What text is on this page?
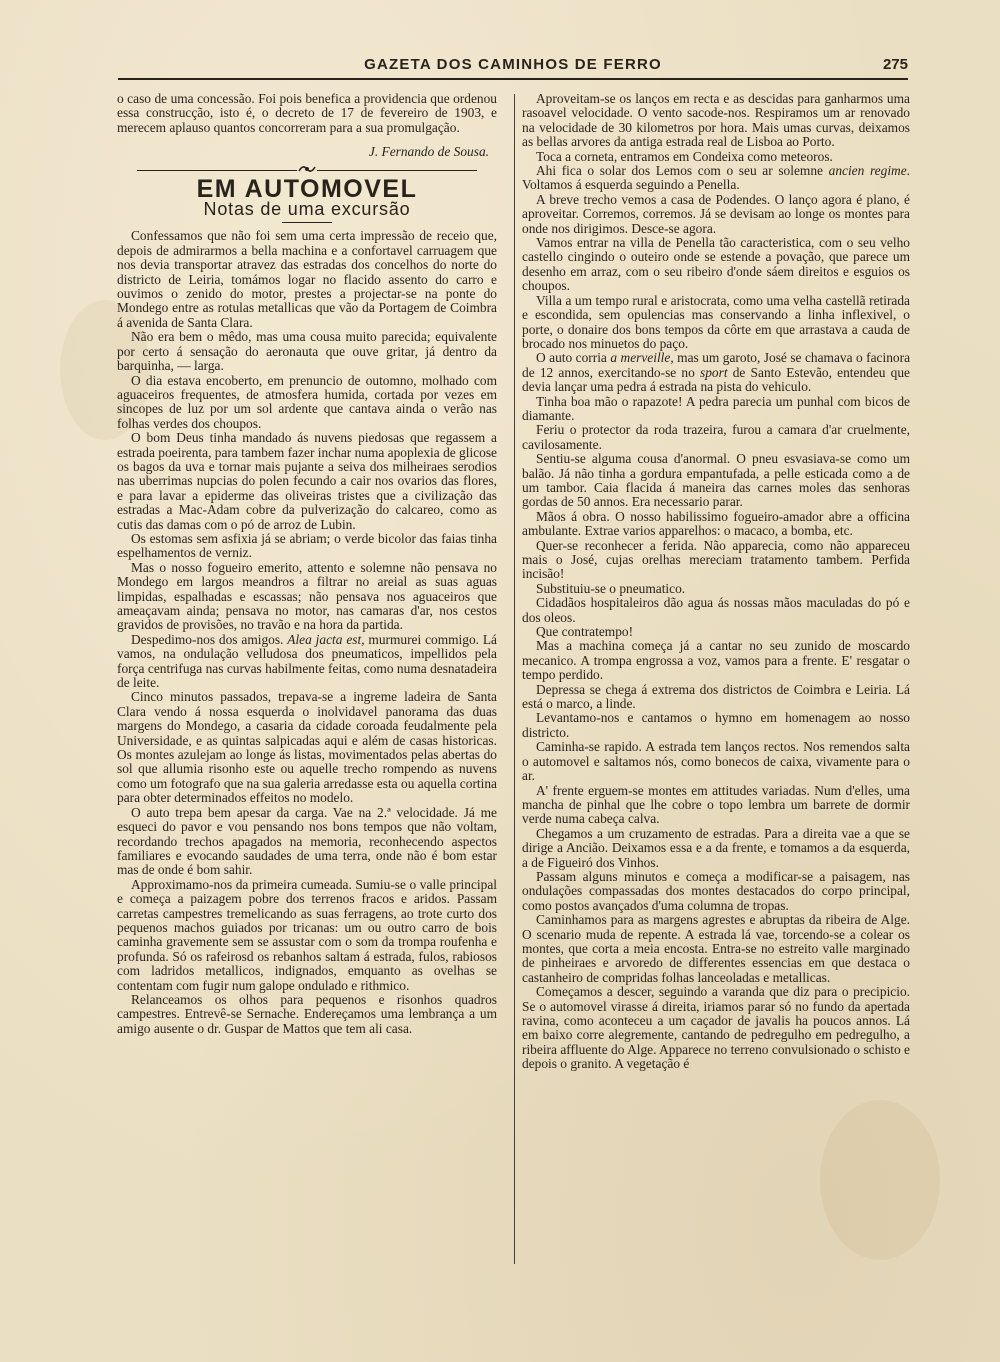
GAZETA DOS CAMINHOS DE FERRO	275

o caso de uma concessão. Foi pois benefica a providencia que ordenou essa construcção, isto é, o decreto de 17 de fevereiro de 1903, e merecem aplauso quantos concorreram para a sua promulgação.

J. Fernando de Sousa.

EM AUTOMOVEL
Notas de uma excursão

Confessamos que não foi sem uma certa impressão de receio que, depois de admirarmos a bella machina e a confortavel carruagem que nos devia transportar atravez das estradas dos concelhos do norte do districto de Leiria, tomámos logar no flacido assento do carro e ouvimos o zenido do motor, prestes a projectar-se na ponte do Mondego entre as rotulas metallicas que vão da Portagem de Coimbra á avenida de Santa Clara.

Não era bem o mêdo, mas uma cousa muito parecida; equivalente por certo á sensação do aeronauta que ouve gritar, já dentro da barquinha, — larga.

O dia estava encoberto, em prenuncio de outomno, molhado com aguaceiros frequentes, de atmosfera humida, cortada por vezes em sincopes de luz por um sol ardente que cantava ainda o verão nas folhas verdes dos choupos.

O bom Deus tinha mandado ás nuvens piedosas que regassem a estrada poeirenta, para tambem fazer inchar numa apoplexia de glicose os bagos da uva e tornar mais pujante a seiva dos milheiraes serodios nas uberrimas nupcias do polen fecundo a cair nos ovarios das flores, e para lavar a epiderme das oliveiras tristes que a civilização das estradas a Mac-Adam cobre da pulverização do calcareo, como as cutis das damas com o pó de arroz de Lubin.

Os estomas sem asfixia já se abriam; o verde bicolor das faias tinha espelhamentos de verniz.

Mas o nosso fogueiro emerito, attento e solemne não pensava no Mondego em largos meandros a filtrar no areial as suas aguas limpidas, espalhadas e escassas; não pensava nos aguaceiros que ameaçavam ainda; pensava no motor, nas camaras d'ar, nos cestos gravidos de provisões, no travão e na hora da partida.

Despedimo-nos dos amigos. Alea jacta est, murmurei commigo. Lá vamos, na ondulação velludosa dos pneumaticos, impellidos pela força centrifuga nas curvas habilmente feitas, como numa desnatadeira de leite.

Cinco minutos passados, trepava-se a ingreme ladeira de Santa Clara vendo á nossa esquerda o inolvidavel panorama das duas margens do Mondego, a casaria da cidade coroada feudalmente pela Universidade, e as quintas salpicadas aqui e além de casas historicas. Os montes azulejam ao longe ás listas, movimentados pelas abertas do sol que allumia risonho este ou aquelle trecho rompendo as nuvens como um fotografo que na sua galeria arredasse esta ou aquella cortina para obter determinados effeitos no modelo.

O auto trepa bem apesar da carga. Vae na 2.ª velocidade. Já me esqueci do pavor e vou pensando nos bons tempos que não voltam, recordando trechos apagados na memoria, reconhecendo aspectos familiares e evocando saudades de uma terra, onde não é bom estar mas de onde é bom sahir.

Approximamo-nos da primeira cumeada. Sumiu-se o valle principal e começa a paizagem pobre dos terrenos fracos e aridos. Passam carretas campestres tremelicando as suas ferragens, ao trote curto dos pequenos machos guiados por tricanas: um ou outro carro de bois caminha gravemente sem se assustar com o som da trompa roufenha e profunda. Só os rafeirosd os rebanhos saltam á estrada, fulos, rabiosos com ladridos metallicos, indignados, emquanto as ovelhas se contentam com fugir num galope ondulado e rithmico.

Relanceamos os olhos para pequenos e risonhos quadros campestres. Entrevê-se Sernache. Endereçamos uma lembrança a um amigo ausente o dr. Guspar de Mattos que tem ali casa.

Aproveitam-se os lanços em recta e as descidas para ganharmos uma rasoavel velocidade. O vento sacode-nos. Respiramos um ar renovado na velocidade de 30 kilometros por hora. Mais umas curvas, deixamos as bellas arvores da antiga estrada real de Lisboa ao Porto.

Toca a corneta, entramos em Condeixa como meteoros.

Ahi fica o solar dos Lemos com o seu ar solemne ancien regime. Voltamos á esquerda seguindo a Penella.

A breve trecho vemos a casa de Podendes. O lanço agora é plano, é aproveitar. Corremos, corremos. Já se devisam ao longe os montes para onde nos dirigimos. Desce-se agora.

Vamos entrar na villa de Penella tão caracteristica, com o seu velho castello cingindo o outeiro onde se estende a povação, que parece um desenho em arraz, com o seu ribeiro d'onde sáem direitos e esguios os choupos.

Villa a um tempo rural e aristocrata, como uma velha castellã retirada e escondida, sem opulencias mas conservando a linha inflexivel, o porte, o donaire dos bons tempos da côrte em que arrastava a cauda de brocado nos minuetos do paço.

O auto corria a merveille, mas um garoto, José se chamava o facinora de 12 annos, exercitando-se no sport de Santo Estevão, entendeu que devia lançar uma pedra á estrada na pista do vehiculo.

Tinha boa mão o rapazote! A pedra parecia um punhal com bicos de diamante.

Feriu o protector da roda trazeira, furou a camara d'ar cruelmente, cavilosamente.

Sentiu-se alguma cousa d'anormal. O pneu esvasiava-se como um balão. Já não tinha a gordura empantufada, a pelle esticada como a de um tambor. Caia flacida á maneira das carnes moles das senhoras gordas de 50 annos. Era necessario parar.

Mãos á obra. O nosso habilissimo fogueiro-amador abre a officina ambulante. Extrae varios apparelhos: o macaco, a bomba, etc.

Quer-se reconhecer a ferida. Não apparecia, como não appareceu mais o José, cujas orelhas mereciam tratamento tambem. Perfida incisão!

Substituiu-se o pneumatico.

Cidadãos hospitaleiros dão agua ás nossas mãos maculadas do pó e dos oleos.

Que contratempo!

Mas a machina começa já a cantar no seu zunido de moscardo mecanico. A trompa engrossa a voz, vamos para a frente. E' resgatar o tempo perdido.

Depressa se chega á extrema dos districtos de Coimbra e Leiria. Lá está o marco, a linde.

Levantamo-nos e cantamos o hymno em homenagem ao nosso districto.

Caminha-se rapido. A estrada tem lanços rectos. Nos remendos salta o automovel e saltamos nós, como bonecos de caixa, vivamente para o ar.

A' frente erguem-se montes em attitudes variadas. Num d'elles, uma mancha de pinhal que lhe cobre o topo lembra um barrete de dormir verde numa cabeça calva.

Chegamos a um cruzamento de estradas. Para a direita vae a que se dirige a Ancião. Deixamos essa e a da frente, e tomamos a da esquerda, a de Figueiró dos Vinhos.

Passam alguns minutos e começa a modificar-se a paisagem, nas ondulações compassadas dos montes destacados do corpo principal, como postos avançados d'uma columna de tropas.

Caminhamos para as margens agrestes e abruptas da ribeira de Alge. O scenario muda de repente. A estrada lá vae, torcendo-se a colear os montes, que corta a meia encosta. Entra-se no estreito valle marginado de pinheiraes e arvoredo de differentes essencias em que destaca o castanheiro de compridas folhas lanceoladas e metallicas.

Começamos a descer, seguindo a varanda que diz para o precipicio. Se o automovel virasse á direita, iriamos parar só no fundo da apertada ravina, como aconteceu a um caçador de javalis ha poucos annos. Lá em baixo corre alegremente, cantando de pedregulho em pedregulho, a ribeira affluente do Alge. Apparece no terreno convulsionado o schisto e depois o granito. A vegetação é
